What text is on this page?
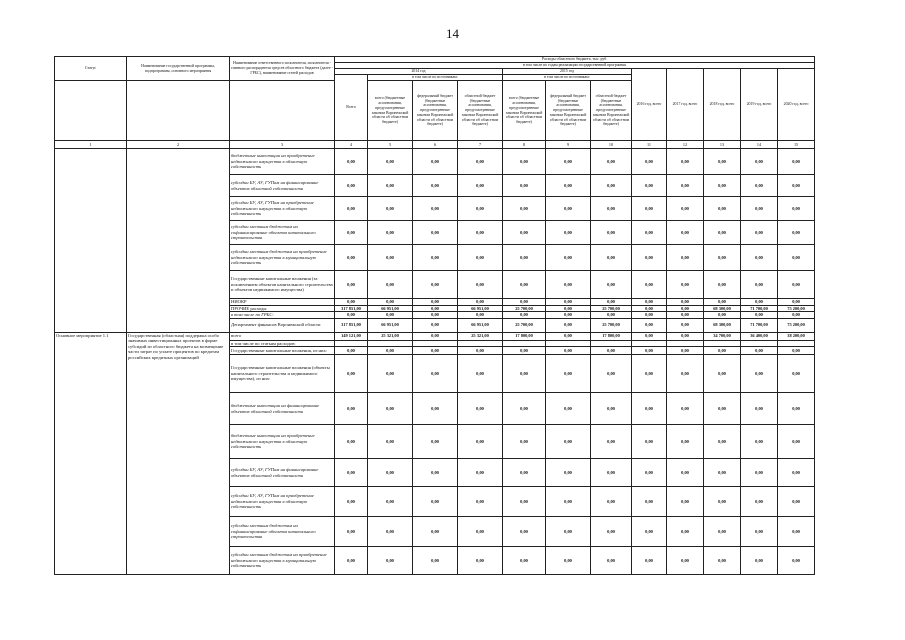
14
Статус	Наименование государственной программы, подпрограммы, основного мероприятия	Наименование ответственного исполнителя, исполнителя - главного распорядителя средств областного бюджета (далее - ГРБС), наименование статей расходов	Расходы областного бюджета, тыс. руб.											
			в том числе по годам реализации государственной программы											
			2014 год				2015 год			2016 год, всего	2017 год, всего	2018 год, всего	2019 год, всего	2020 год, всего
			Всего	в том числе по источникам:			в том числе по источникам:							
				всего (бюджетные ассигнования, предусмотренные законом Воронежской области об областном бюджете)	федеральный бюджет (бюджетные ассигнования, предусмотренные законом Воронежской области об областном бюджете)	областной бюджет (бюджетные ассигнования, предусмотренные законом Воронежской области об областном бюджете)	всего (бюджетные ассигнования, предусмотренные законом Воронежской области об областном бюджете)	федеральный бюджет (бюджетные ассигнования, предусмотренные законом Воронежской области об областном бюджете)	областной бюджет (бюджетные ассигнования, предусмотренные законом Воронежской области об областном бюджете)					
1	2	3	4	5	6	7	8	9	10	11	12	13	14	15
		бюджетные инвестиции на приобретение недвижимого имущества в областную собственность	0,00	0,00	0,00	0,00	0,00	0,00	0,00	0,00	0,00	0,00	0,00	0,00
		субсидии БУ, АУ, ГУПам на финансирование объектов областной собственности	0,00	0,00	0,00	0,00	0,00	0,00	0,00	0,00	0,00	0,00	0,00	0,00
		субсидии БУ, АУ, ГУПам на приобретение недвижимого имущества в областную собственность	0,00	0,00	0,00	0,00	0,00	0,00	0,00	0,00	0,00	0,00	0,00	0,00
		субсидии местным бюджетам на софинансирование объектов капитального строительства	0,00	0,00	0,00	0,00	0,00	0,00	0,00	0,00	0,00	0,00	0,00	0,00
		субсидии местным бюджетам на приобретение недвижимого имущества в муниципальную собственность	0,00	0,00	0,00	0,00	0,00	0,00	0,00	0,00	0,00	0,00	0,00	0,00
		Государственные капитальные вложения (за исключением объектов капитального строительства и объектов недвижимого имущества)	0,00	0,00	0,00	0,00	0,00	0,00	0,00	0,00	0,00	0,00	0,00	0,00
		НИОКР	0,00	0,00	0,00	0,00	0,00	0,00	0,00	0,00	0,00	0,00	0,00	0,00
		ПРОЧИЕ расходы	317 851,00	66 951,00	0,00	66 951,00	25 700,00	0,00	25 700,00	0,00	0,00	68 300,00	71 700,00	75 200,00
		в том числе по ГРБС:	0,00	0,00	0,00	0,00	0,00	0,00	0,00	0,00	0,00	0,00	0,00	0,00
		Департамент финансов Воронежской области	317 851,00	66 951,00	0,00	66 951,00	25 700,00	0,00	25 700,00	0,00	0,00	68 300,00	71 700,00	75 200,00
Основное мероприятие 1.1	Государственная (областная) поддержка особо значимых инвестиционных проектов в форме субсидий из областного бюджета на возмещение части затрат по уплате процентов по кредитам российских кредитных организаций	всего	149 121,00	25 321,00	0,00	25 321,00	17 800,00	0,00	17 800,00	0,00	0,00	34 700,00	36 400,00	38 200,00
		в том числе по статьям расходов:												
		Государственные капитальные вложения, из них:	0,00	0,00	0,00	0,00	0,00	0,00	0,00	0,00	0,00	0,00	0,00	0,00
		Государственные капитальные вложения (объекты капитального строительства и недвижимого имущества), из них:	0,00	0,00	0,00	0,00	0,00	0,00	0,00	0,00	0,00	0,00	0,00	0,00
		бюджетные инвестиции на финансирование объектов областной собственности	0,00	0,00	0,00	0,00	0,00	0,00	0,00	0,00	0,00	0,00	0,00	0,00
		бюджетные инвестиции на приобретение недвижимого имущества в областную собственность	0,00	0,00	0,00	0,00	0,00	0,00	0,00	0,00	0,00	0,00	0,00	0,00
		субсидии БУ, АУ, ГУПам на финансирование объектов областной собственности	0,00	0,00	0,00	0,00	0,00	0,00	0,00	0,00	0,00	0,00	0,00	0,00
		субсидии БУ, АУ, ГУПам на приобретение недвижимого имущества в областную собственность	0,00	0,00	0,00	0,00	0,00	0,00	0,00	0,00	0,00	0,00	0,00	0,00
		субсидии местным бюджетам на софинансирование объектов капитального строительства	0,00	0,00	0,00	0,00	0,00	0,00	0,00	0,00	0,00	0,00	0,00	0,00
		субсидии местным бюджетам на приобретение недвижимого имущества в муниципальную собственность	0,00	0,00	0,00	0,00	0,00	0,00	0,00	0,00	0,00	0,00	0,00	0,00
